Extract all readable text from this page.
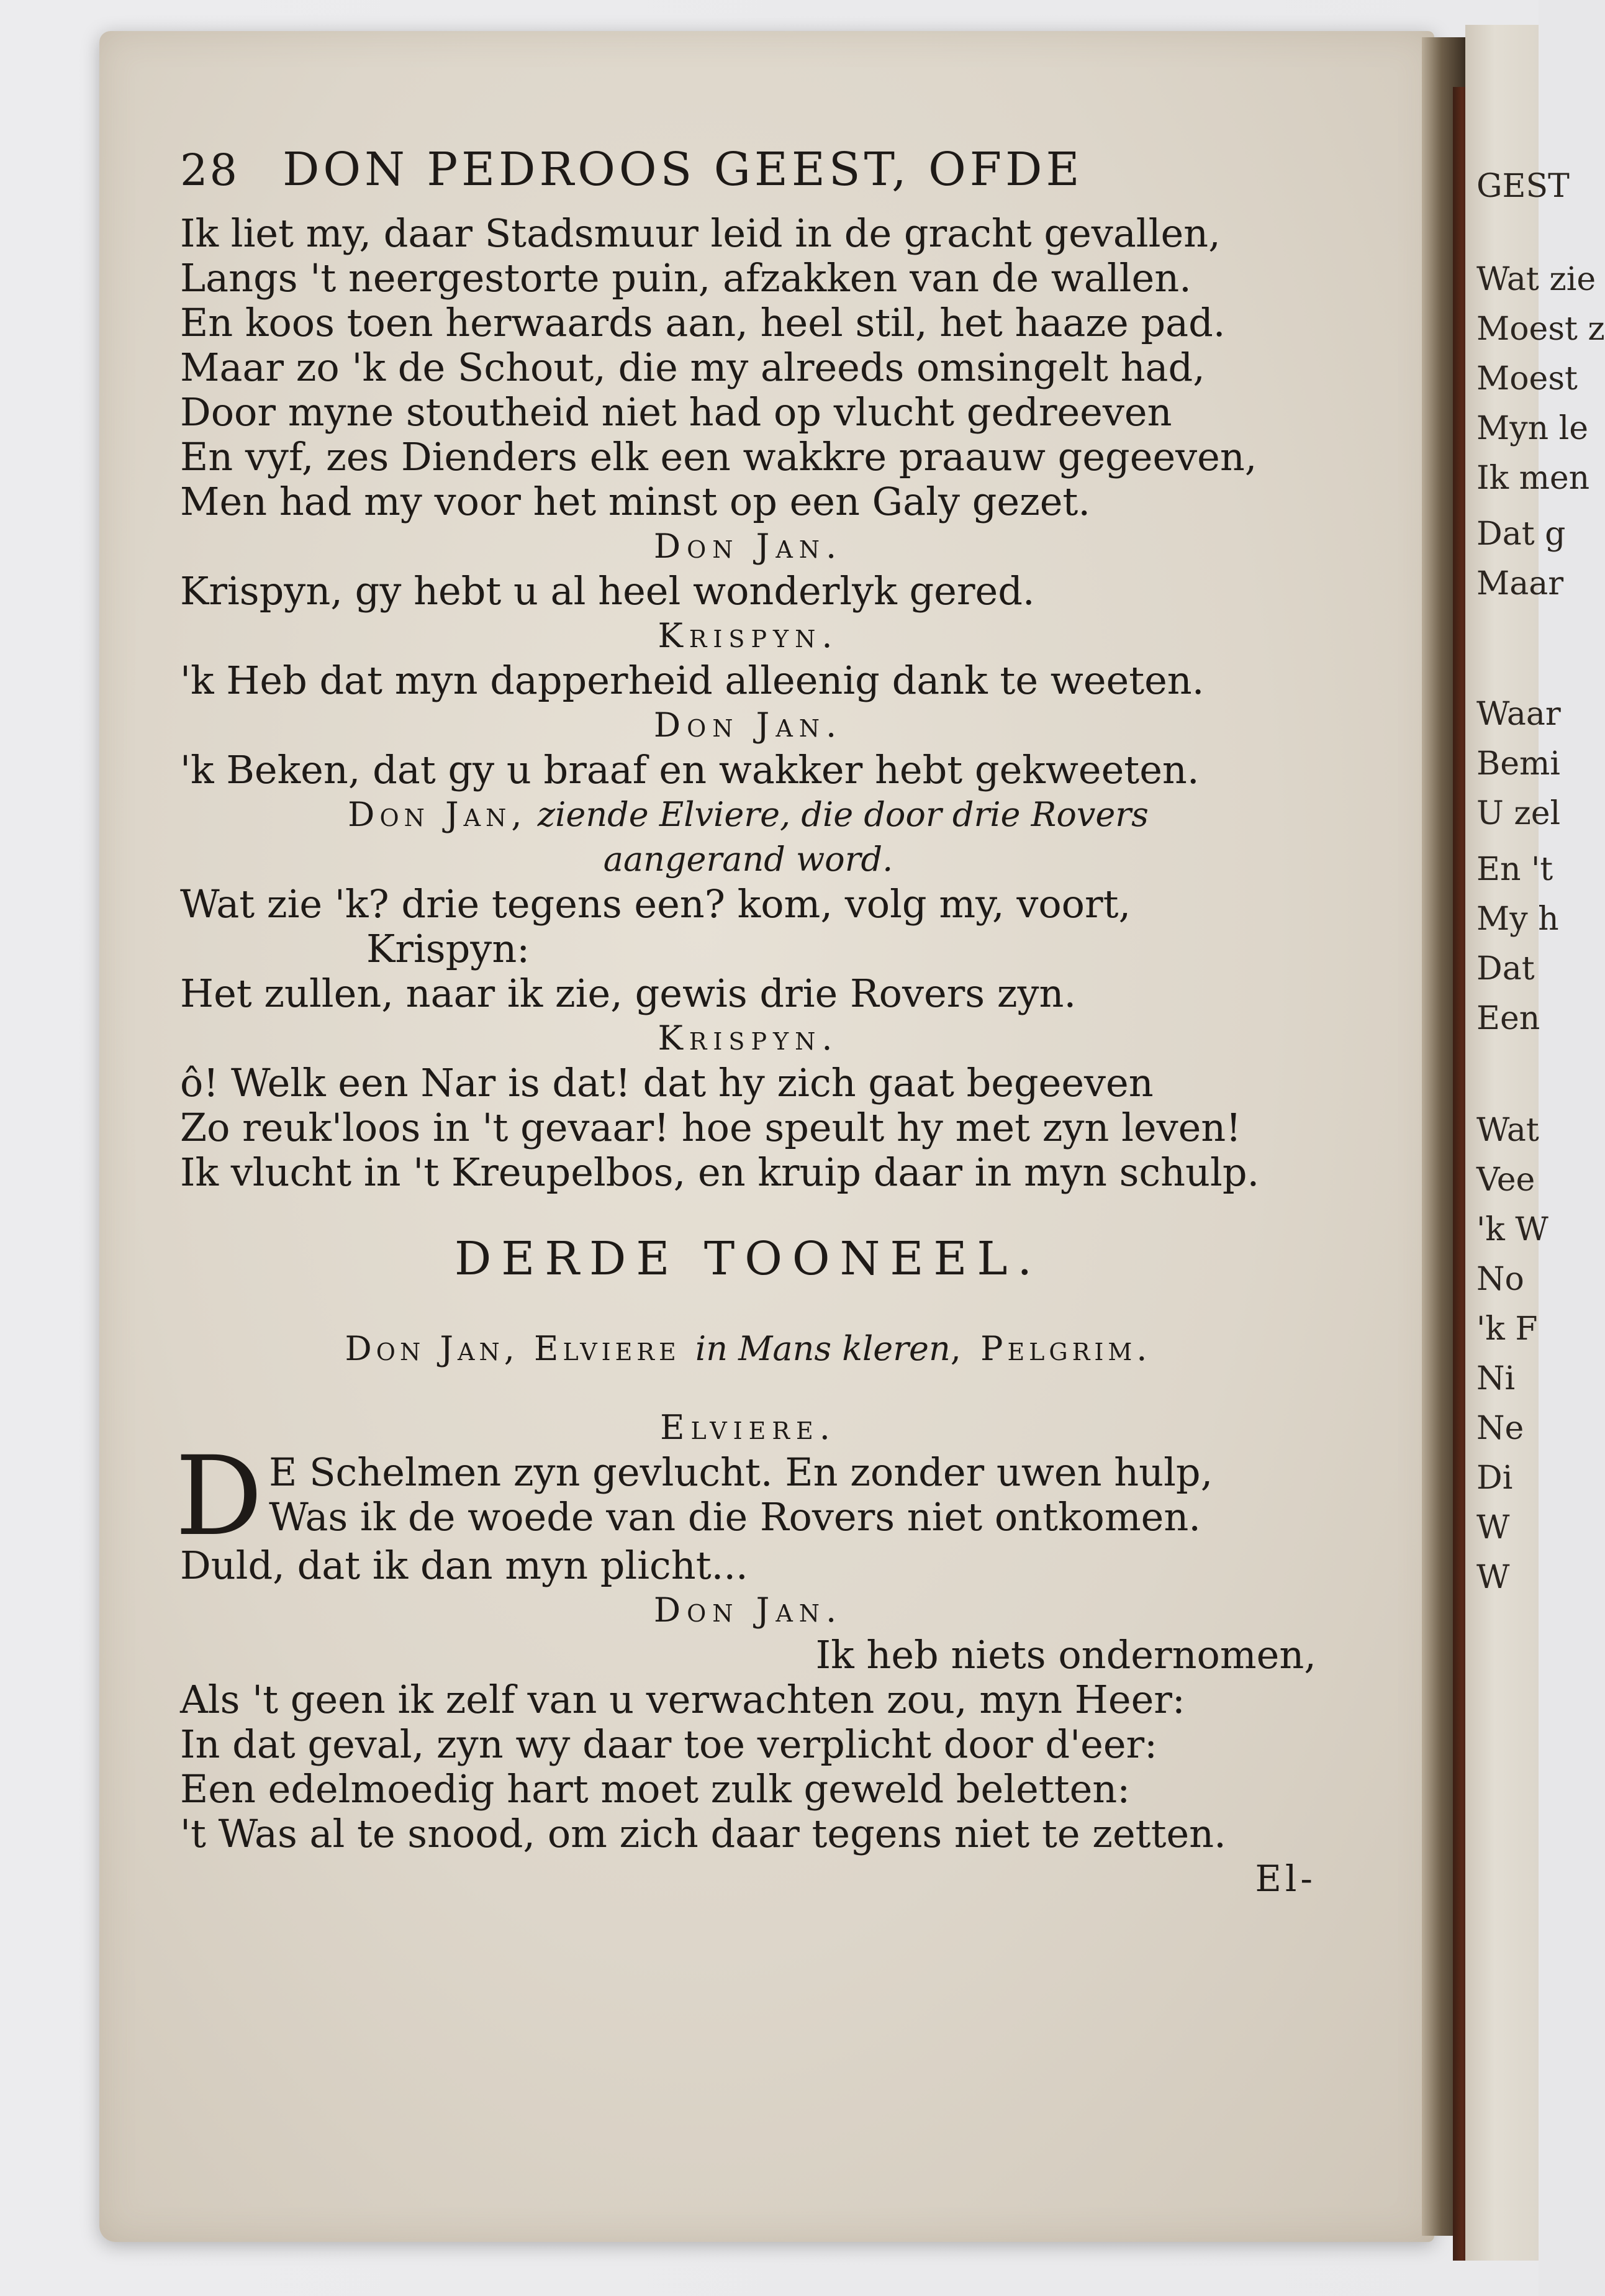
GEST
Wat zie
Moest z
Moest
Myn le
Ik men
Dat g
Maar
Waar
Bemi
U zel
En 't
My h
Dat
Een
Wat
Vee
'k W
No
'k F
Ni
Ne
Di
W
W
28 DON PEDROOS GEEST, OFDE
Ik liet my, daar Stadsmuur leid in de gracht gevallen,
Langs 't neergestorte puin, afzakken van de wallen.
En koos toen herwaards aan, heel stil, het haaze pad.
Maar zo 'k de Schout, die my alreeds omsingelt had,
Door myne stoutheid niet had op vlucht gedreeven
En vyf, zes Dienders elk een wakkre praauw gegeeven,
Men had my voor het minst op een Galy gezet.
Don Jan.
Krispyn, gy hebt u al heel wonderlyk gered.
Krispyn.
'k Heb dat myn dapperheid alleenig dank te weeten.
Don Jan.
'k Beken, dat gy u braaf en wakker hebt gekweeten.
Don Jan, ziende Elviere, die door drie Rovers
aangerand word.
Wat zie 'k? drie tegens een? kom, volg my, voort,
Krispyn:
Het zullen, naar ik zie, gewis drie Rovers zyn.
Krispyn.
ô! Welk een Nar is dat! dat hy zich gaat begeeven
Zo reuk'loos in 't gevaar! hoe speult hy met zyn leven!
Ik vlucht in 't Kreupelbos, en kruip daar in myn schulp.
DERDE TOONEEL.
Don Jan, Elviere in Mans kleren, Pelgrim.
Elviere.
D E Schelmen zyn gevlucht. En zonder uwen hulp,
Was ik de woede van die Rovers niet ontkomen.
Duld, dat ik dan myn plicht...
Don Jan.
Ik heb niets ondernomen,
Als 't geen ik zelf van u verwachten zou, myn Heer:
In dat geval, zyn wy daar toe verplicht door d'eer:
Een edelmoedig hart moet zulk geweld beletten:
't Was al te snood, om zich daar tegens niet te zetten.
El-
